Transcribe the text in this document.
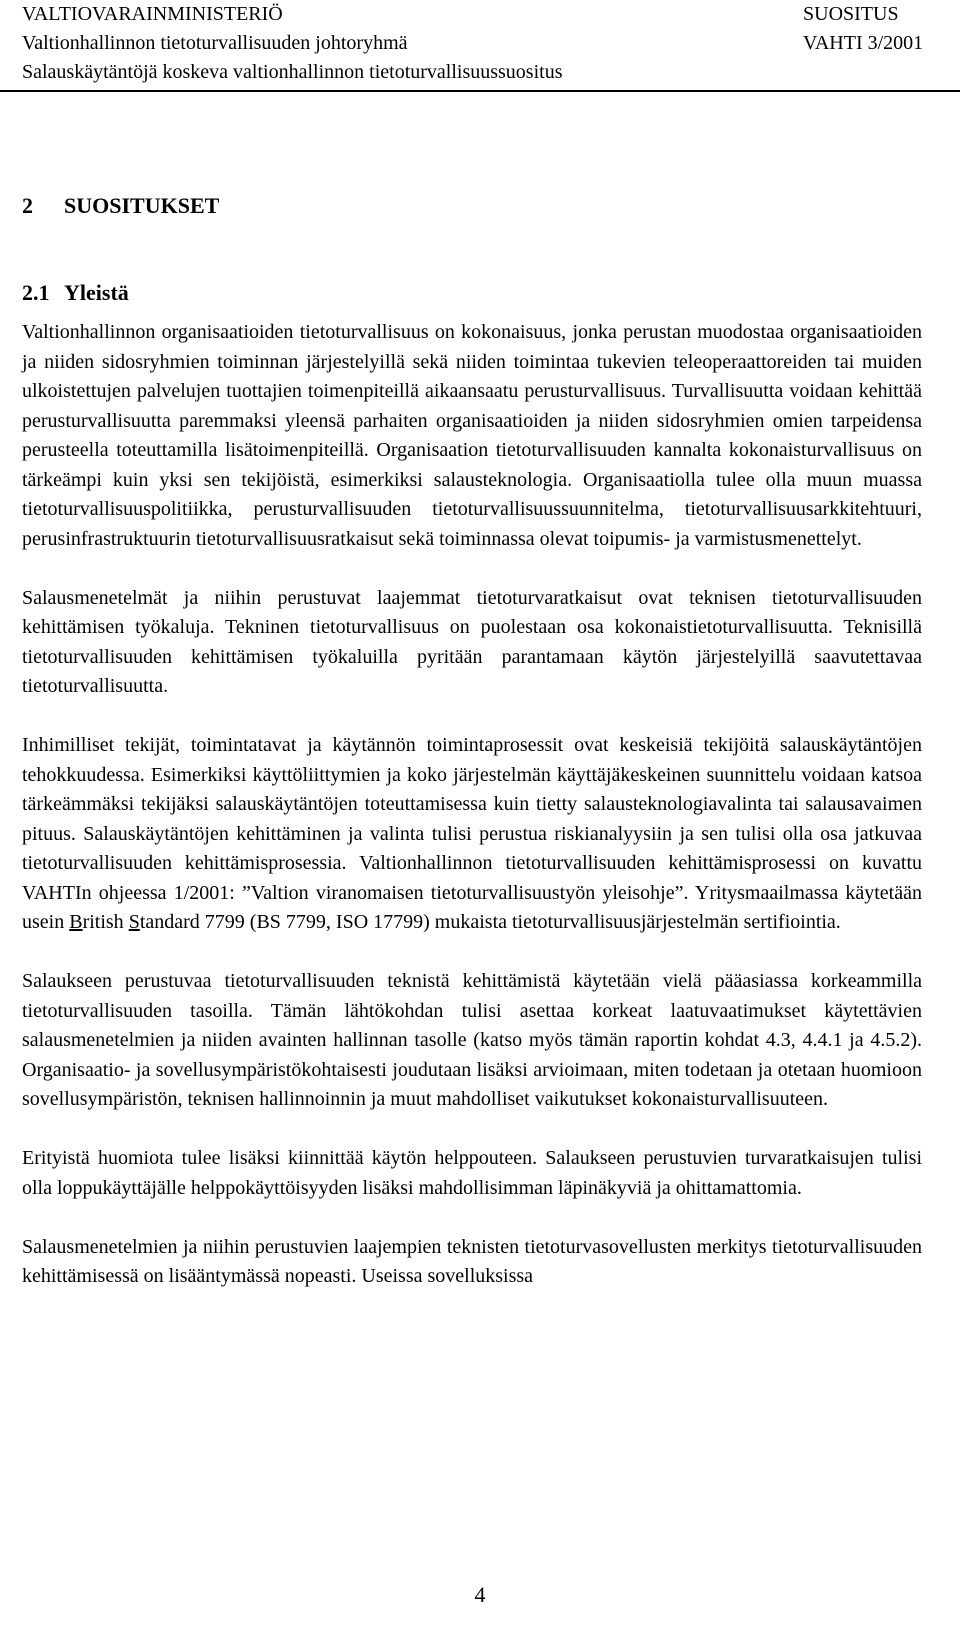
VALTIOVARAINMINISTERIÖ	SUOSITUS
Valtionhallinnon tietoturvallisuuden johtoryhmä	VAHTI 3/2001
Salauskäytäntöjä koskeva valtionhallinnon tietoturvallisuussuositus
2 SUOSITUKSET
2.1 Yleistä

Valtionhallinnon organisaatioiden tietoturvallisuus on kokonaisuus, jonka perustan muodostaa organisaatioiden ja niiden sidosryhmien toiminnan järjestelyillä sekä niiden toimintaa tukevien teleoperaattoreiden tai muiden ulkoistettujen palvelujen tuottajien toimenpiteillä aikaansaatu perusturvallisuus. Turvallisuutta voidaan kehittää perusturvallisuutta paremmaksi yleensä parhaiten organisaatioiden ja niiden sidosryhmien omien tarpeidensa perusteella toteuttamilla lisätoimenpiteillä. Organisaation tietoturvallisuuden kannalta kokonaisturvallisuus on tärkeämpi kuin yksi sen tekijöistä, esimerkiksi salausteknologia. Organisaatiolla tulee olla muun muassa tietoturvallisuuspolitiikka, perusturvallisuuden tietoturvallisuussuunnitelma, tietoturvallisuusarkkitehtuuri, perusinfrastruktuurin tietoturvallisuusratkaisut sekä toiminnassa olevat toipumis- ja varmistusmenettelyt.

Salausmenetelmät ja niihin perustuvat laajemmat tietoturvaratkaisut ovat teknisen tietoturvallisuuden kehittämisen työkaluja. Tekninen tietoturvallisuus on puolestaan osa kokonaistietoturvallisuutta. Teknisillä tietoturvallisuuden kehittämisen työkaluilla pyritään parantamaan käytön järjestelyillä saavutettavaa tietoturvallisuutta.

Inhimilliset tekijät, toimintatavat ja käytännön toimintaprosessit ovat keskeisiä tekijöitä salauskäytäntöjen tehokkuudessa. Esimerkiksi käyttöliittymien ja koko järjestelmän käyttäjäkeskeinen suunnittelu voidaan katsoa tärkeämmäksi tekijäksi salauskäytäntöjen toteuttamisessa kuin tietty salausteknologiavalinta tai salausavaimen pituus. Salauskäytäntöjen kehittäminen ja valinta tulisi perustua riskianalyysiin ja sen tulisi olla osa jatkuvaa tietoturvallisuuden kehittämisprosessia. Valtionhallinnon tietoturvallisuuden kehittämisprosessi on kuvattu VAHTIn ohjeessa 1/2001: ”Valtion viranomaisen tietoturvallisuustyön yleisohje”. Yritysmaailmassa käytetään usein British Standard 7799 (BS 7799, ISO 17799) mukaista tietoturvallisuusjärjestelmän sertifiointia.

Salaukseen perustuvaa tietoturvallisuuden teknistä kehittämistä käytetään vielä pääasiassa korkeammilla tietoturvallisuuden tasoilla. Tämän lähtökohdan tulisi asettaa korkeat laatuvaatimukset käytettävien salausmenetelmien ja niiden avainten hallinnan tasolle (katso myös tämän raportin kohdat 4.3, 4.4.1 ja 4.5.2). Organisaatio- ja sovellusympäristökohtaisesti joudutaan lisäksi arvioimaan, miten todetaan ja otetaan huomioon sovellusympäristön, teknisen hallinnoinnin ja muut mahdolliset vaikutukset kokonaisturvallisuuteen.

Erityistä huomiota tulee lisäksi kiinnittää käytön helppouteen. Salaukseen perustuvien turvaratkaisujen tulisi olla loppukäyttäjälle helppokäyttöisyyden lisäksi mahdollisimman läpinäkyviä ja ohittamattomia.

Salausmenetelmien ja niihin perustuvien laajempien teknisten tietoturvasovellusten merkitys tietoturvallisuuden kehittämisessä on lisääntymässä nopeasti. Useissa sovelluksissa

4
